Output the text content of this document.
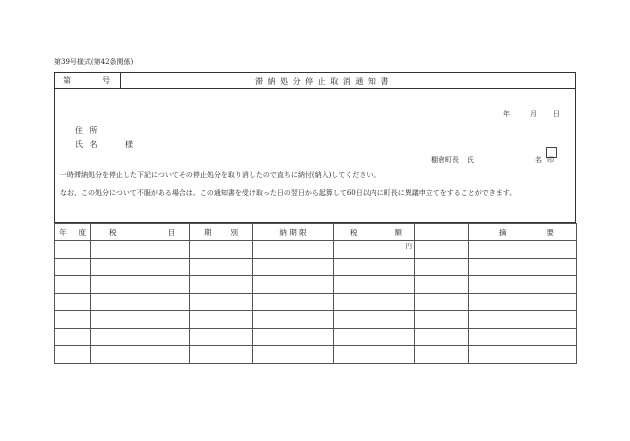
第39号様式(第42条関係)
第	号	滞 納 処 分 停 止 取 消 通 知 書
年	月 日
住 所
氏 名	様
棚倉町長 氏	名 印
一時滞納処分を停止した下記についてその停止処分を取り消したので直ちに納付(納入)してください。
なお、この処分について不服がある場合は、この通知書を受け取った日の翌日から起算して60日以内に町長に異議申立てをすることができます。
年 度	税 目	期 別	納 期 限	税 額		摘 要

				円		
